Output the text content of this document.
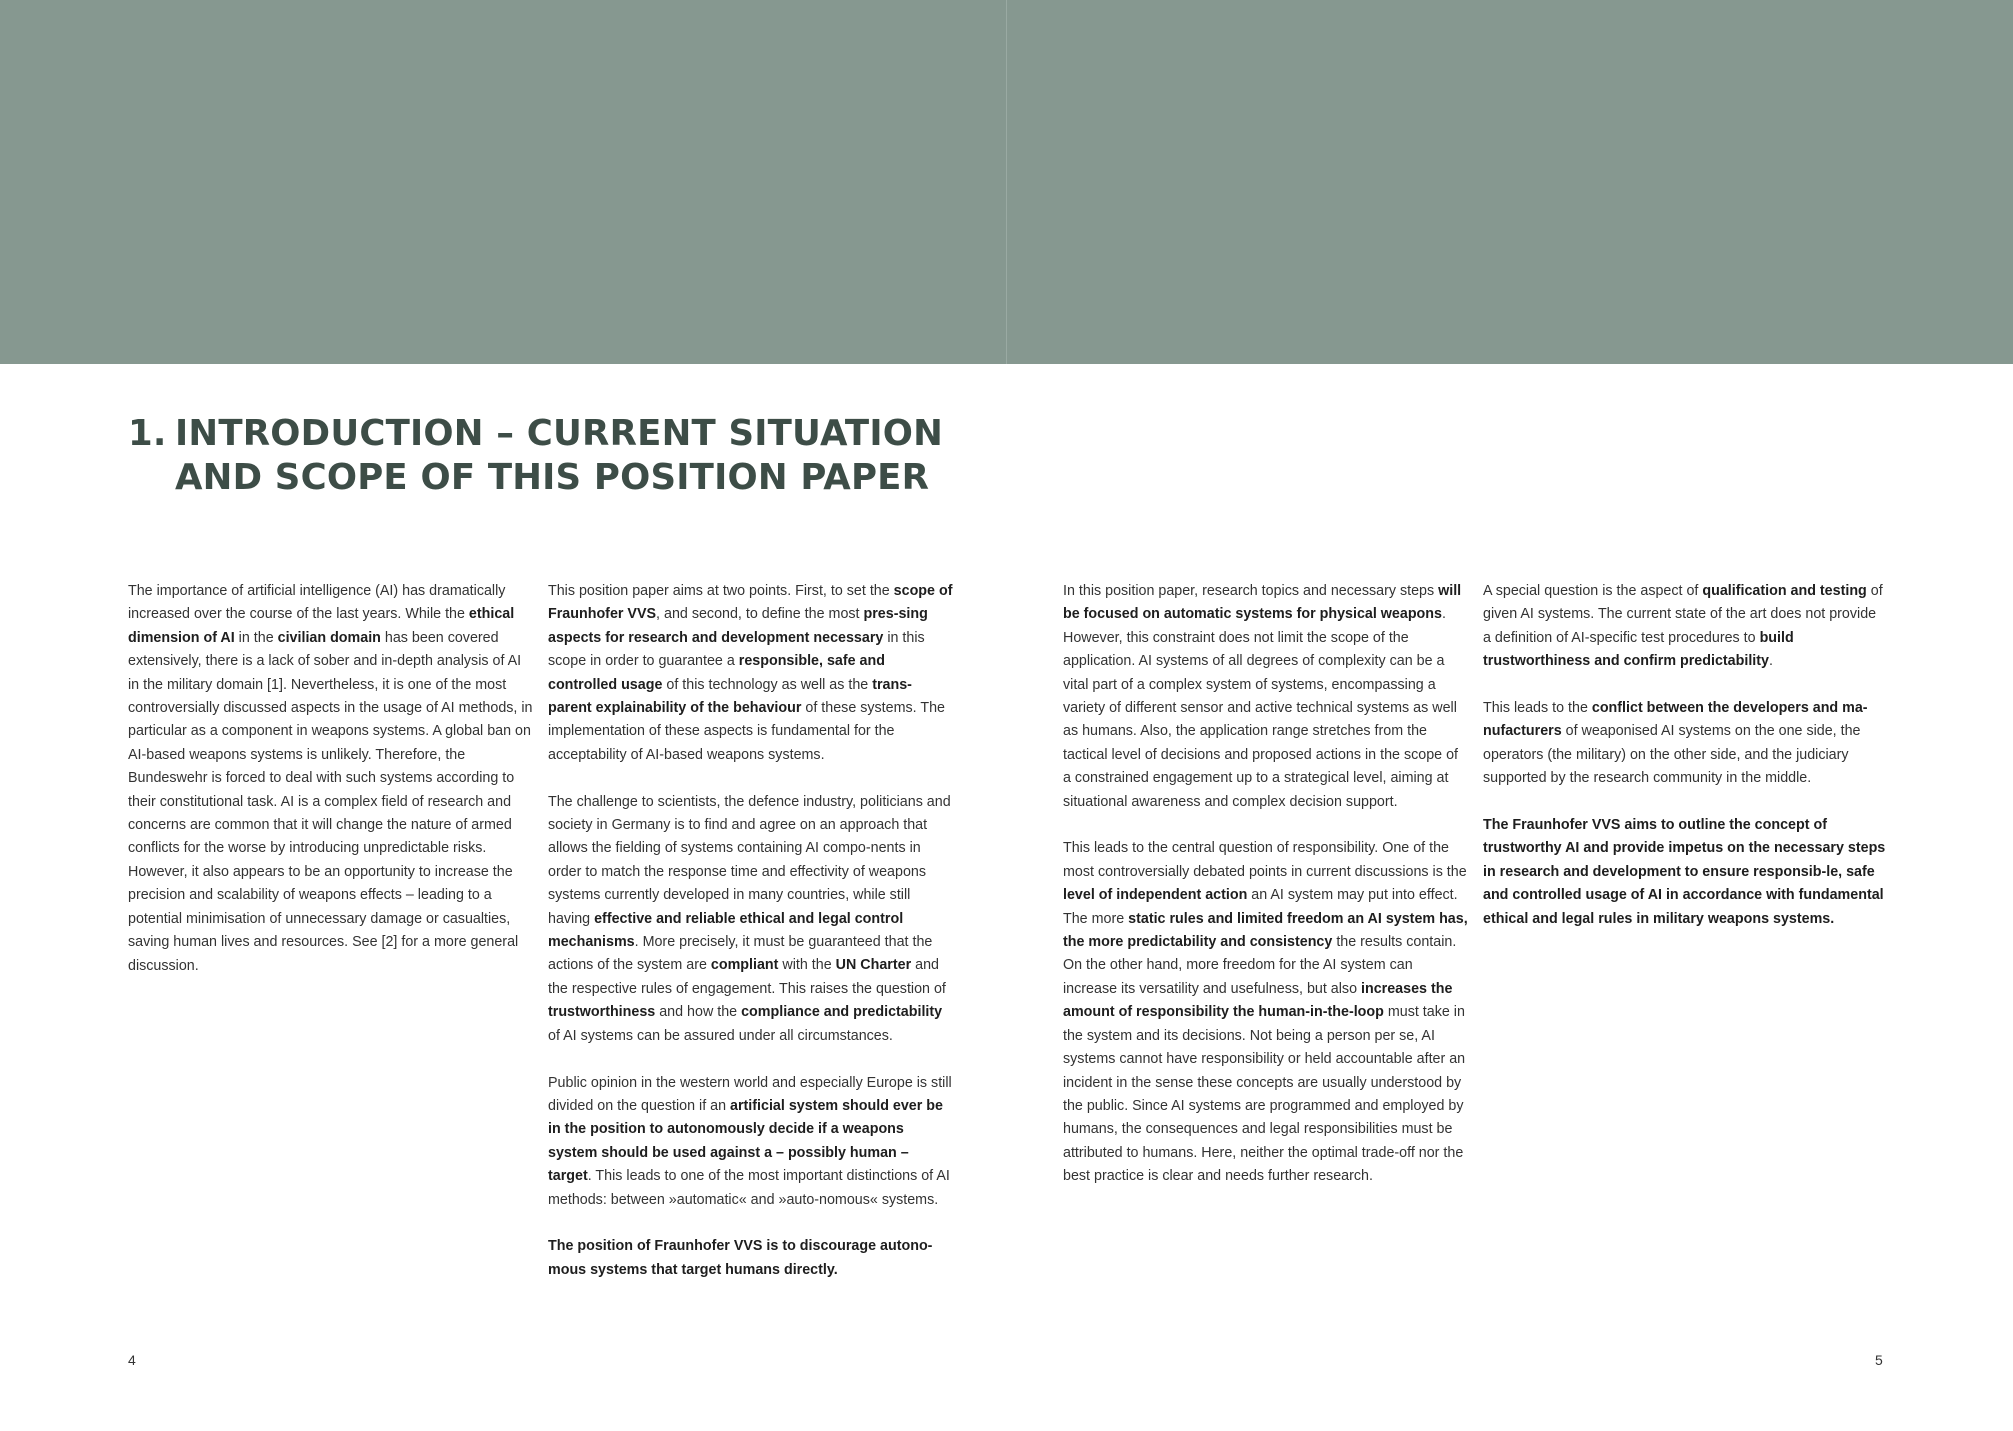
1. INTRODUCTION – CURRENT SITUATION
AND SCOPE OF THIS POSITION PAPER

The importance of artificial intelligence (AI) has dramatically increased over the course of the last years. While the ethical dimension of AI in the civilian domain has been covered extensively, there is a lack of sober and in-depth analysis of AI in the military domain [1]. Nevertheless, it is one of the most controversially discussed aspects in the usage of AI methods, in particular as a component in weapons systems. A global ban on AI-based weapons systems is unlikely. Therefore, the Bundeswehr is forced to deal with such systems according to their constitutional task. AI is a complex field of research and concerns are common that it will change the nature of armed conflicts for the worse by introducing unpredictable risks. However, it also appears to be an opportunity to increase the precision and scalability of weapons effects – leading to a potential minimisation of unnecessary damage or casualties, saving human lives and resources. See [2] for a more general discussion.

This position paper aims at two points. First, to set the scope of Fraunhofer VVS, and second, to define the most pres-sing aspects for research and development necessary in this scope in order to guarantee a responsible, safe and controlled usage of this technology as well as the trans-parent explainability of the behaviour of these systems. The implementation of these aspects is fundamental for the acceptability of AI-based weapons systems.

The challenge to scientists, the defence industry, politicians and society in Germany is to find and agree on an approach that allows the fielding of systems containing AI compo-nents in order to match the response time and effectivity of weapons systems currently developed in many countries, while still having effective and reliable ethical and legal control mechanisms. More precisely, it must be guaranteed that the actions of the system are compliant with the UN Charter and the respective rules of engagement. This raises the question of trustworthiness and how the compliance and predictability of AI systems can be assured under all circumstances.

Public opinion in the western world and especially Europe is still divided on the question if an artificial system should ever be in the position to autonomously decide if a weapons system should be used against a – possibly human – target. This leads to one of the most important distinctions of AI methods: between »automatic« and »auto-nomous« systems.

The position of Fraunhofer VVS is to discourage autono-mous systems that target humans directly.

In this position paper, research topics and necessary steps will be focused on automatic systems for physical weapons. However, this constraint does not limit the scope of the application. AI systems of all degrees of complexity can be a vital part of a complex system of systems, encompassing a variety of different sensor and active technical systems as well as humans. Also, the application range stretches from the tactical level of decisions and proposed actions in the scope of a constrained engagement up to a strategical level, aiming at situational awareness and complex decision support.

This leads to the central question of responsibility. One of the most controversially debated points in current discussions is the level of independent action an AI system may put into effect. The more static rules and limited freedom an AI system has, the more predictability and consistency the results contain. On the other hand, more freedom for the AI system can increase its versatility and usefulness, but also increases the amount of responsibility the human-in-the-loop must take in the system and its decisions. Not being a person per se, AI systems cannot have responsibility or held accountable after an incident in the sense these concepts are usually understood by the public. Since AI systems are programmed and employed by humans, the consequences and legal responsibilities must be attributed to humans. Here, neither the optimal trade-off nor the best practice is clear and needs further research.

A special question is the aspect of qualification and testing of given AI systems. The current state of the art does not provide a definition of AI-specific test procedures to build trustworthiness and confirm predictability.

This leads to the conflict between the developers and ma-nufacturers of weaponised AI systems on the one side, the operators (the military) on the other side, and the judiciary supported by the research community in the middle.

The Fraunhofer VVS aims to outline the concept of trustworthy AI and provide impetus on the necessary steps in research and development to ensure responsib-le, safe and controlled usage of AI in accordance with fundamental ethical and legal rules in military weapons systems.

4	5
